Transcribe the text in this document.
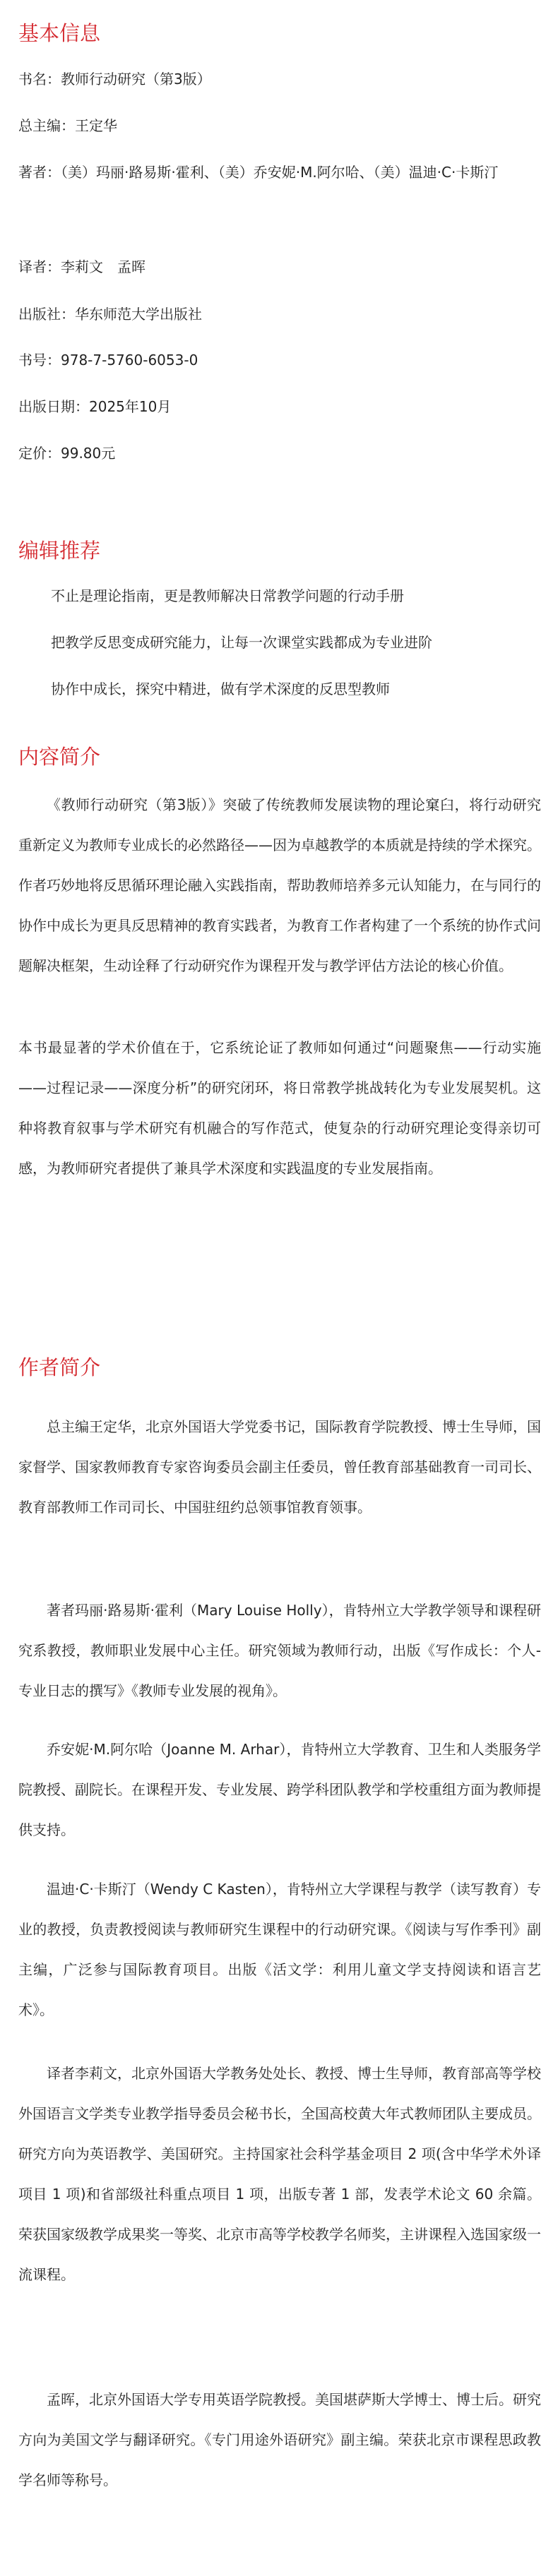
基本信息

书名：教师行动研究（第3版）

总主编：王定华

著者：（美）玛丽·路易斯·霍利、（美）乔安妮·M.阿尔哈、（美）温迪·C·卡斯汀

译者：李莉文　孟晖

出版社：华东师范大学出版社

书号：978-7-5760-6053-0

出版日期：2025年10月

定价：99.80元

编辑推荐

不止是理论指南，更是教师解决日常教学问题的行动手册

把教学反思变成研究能力，让每一次课堂实践都成为专业进阶

协作中成长，探究中精进，做有学术深度的反思型教师

内容简介

《教师行动研究（第3版）》突破了传统教师发展读物的理论窠臼，将行动研究重新定义为教师专业成长的必然路径——因为卓越教学的本质就是持续的学术探究。作者巧妙地将反思循环理论融入实践指南，帮助教师培养多元认知能力，在与同行的协作中成长为更具反思精神的教育实践者，为教育工作者构建了一个系统的协作式问题解决框架，生动诠释了行动研究作为课程开发与教学评估方法论的核心价值。

本书最显著的学术价值在于，它系统论证了教师如何通过“问题聚焦——行动实施——过程记录——深度分析”的研究闭环，将日常教学挑战转化为专业发展契机。这种将教育叙事与学术研究有机融合的写作范式，使复杂的行动研究理论变得亲切可感，为教师研究者提供了兼具学术深度和实践温度的专业发展指南。

作者简介

总主编王定华，北京外国语大学党委书记，国际教育学院教授、博士生导师，国家督学、国家教师教育专家咨询委员会副主任委员，曾任教育部基础教育一司司长、教育部教师工作司司长、中国驻纽约总领事馆教育领事。

著者玛丽·路易斯·霍利（Mary Louise Holly），肯特州立大学教学领导和课程研究系教授，教师职业发展中心主任。研究领域为教师行动，出版《写作成长：个人-专业日志的撰写》《教师专业发展的视角》。

乔安妮·M.阿尔哈（Joanne M. Arhar），肯特州立大学教育、卫生和人类服务学院教授、副院长。在课程开发、专业发展、跨学科团队教学和学校重组方面为教师提供支持。

温迪·C·卡斯汀（Wendy C Kasten），肯特州立大学课程与教学（读写教育）专业的教授，负责教授阅读与教师研究生课程中的行动研究课。《阅读与写作季刊》副主编，广泛参与国际教育项目。出版《活文学：利用儿童文学支持阅读和语言艺术》。

译者李莉文，北京外国语大学教务处处长、教授、博士生导师，教育部高等学校外国语言文学类专业教学指导委员会秘书长，全国高校黄大年式教师团队主要成员。研究方向为英语教学、美国研究。主持国家社会科学基金项目 2 项(含中华学术外译项目 1 项)和省部级社科重点项目 1 项，出版专著 1 部，发表学术论文 60 余篇。荣获国家级教学成果奖一等奖、北京市高等学校教学名师奖，主讲课程入选国家级一流课程。

孟晖，北京外国语大学专用英语学院教授。美国堪萨斯大学博士、博士后。研究方向为美国文学与翻译研究。《专门用途外语研究》副主编。荣获北京市课程思政教学名师等称号。
